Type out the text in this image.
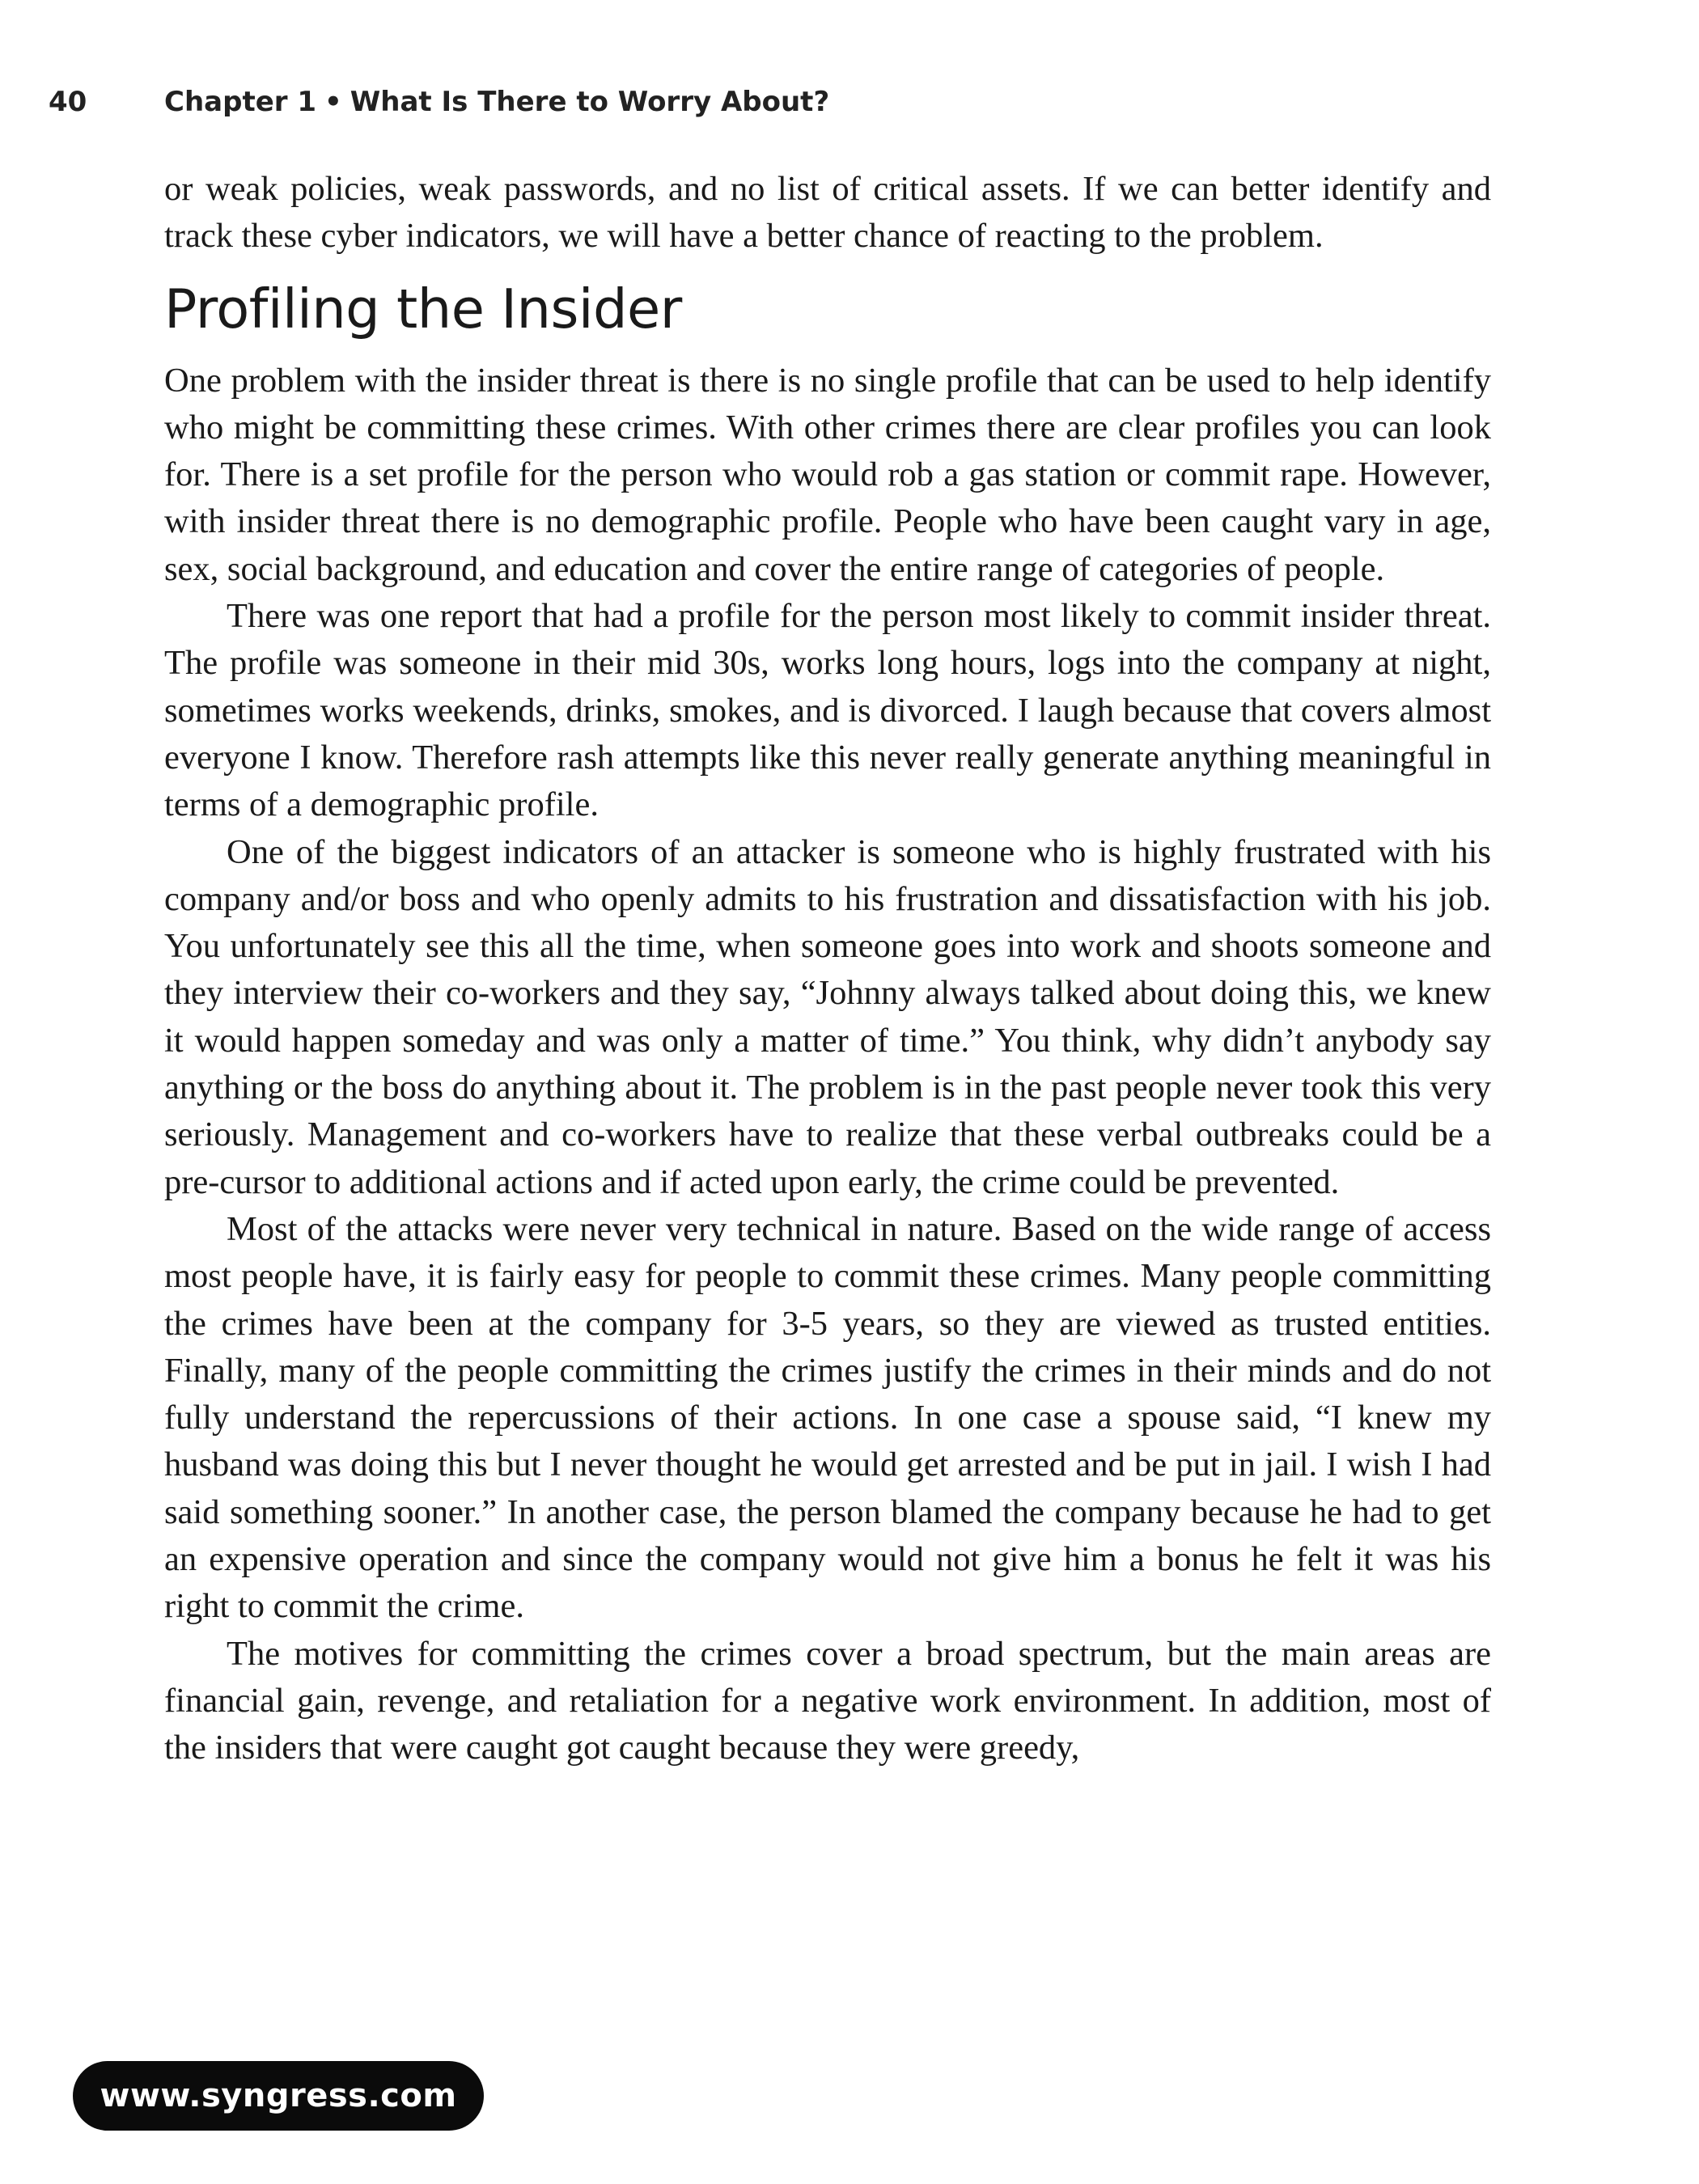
40	Chapter 1 • What Is There to Worry About?

or weak policies, weak passwords, and no list of critical assets. If we can better identify and track these cyber indicators, we will have a better chance of reacting to the problem.

Profiling the Insider

One problem with the insider threat is there is no single profile that can be used to help identify who might be committing these crimes. With other crimes there are clear profiles you can look for. There is a set profile for the person who would rob a gas station or commit rape. However, with insider threat there is no demographic profile. People who have been caught vary in age, sex, social background, and education and cover the entire range of categories of people.

There was one report that had a profile for the person most likely to commit insider threat. The profile was someone in their mid 30s, works long hours, logs into the company at night, sometimes works weekends, drinks, smokes, and is divorced. I laugh because that covers almost everyone I know. Therefore rash attempts like this never really generate anything meaningful in terms of a demographic profile.

One of the biggest indicators of an attacker is someone who is highly frustrated with his company and/or boss and who openly admits to his frustration and dissatisfaction with his job. You unfortunately see this all the time, when someone goes into work and shoots someone and they interview their co-workers and they say, “Johnny always talked about doing this, we knew it would happen someday and was only a matter of time.” You think, why didn’t anybody say anything or the boss do anything about it. The problem is in the past people never took this very seriously. Management and co-workers have to realize that these verbal outbreaks could be a pre-cursor to additional actions and if acted upon early, the crime could be prevented.

Most of the attacks were never very technical in nature. Based on the wide range of access most people have, it is fairly easy for people to commit these crimes. Many people committing the crimes have been at the company for 3-5 years, so they are viewed as trusted entities. Finally, many of the people committing the crimes justify the crimes in their minds and do not fully understand the repercussions of their actions. In one case a spouse said, “I knew my husband was doing this but I never thought he would get arrested and be put in jail. I wish I had said something sooner.” In another case, the person blamed the company because he had to get an expensive operation and since the company would not give him a bonus he felt it was his right to commit the crime.

The motives for committing the crimes cover a broad spectrum, but the main areas are financial gain, revenge, and retaliation for a negative work environment. In addition, most of the insiders that were caught got caught because they were greedy,

www.syngress.com
